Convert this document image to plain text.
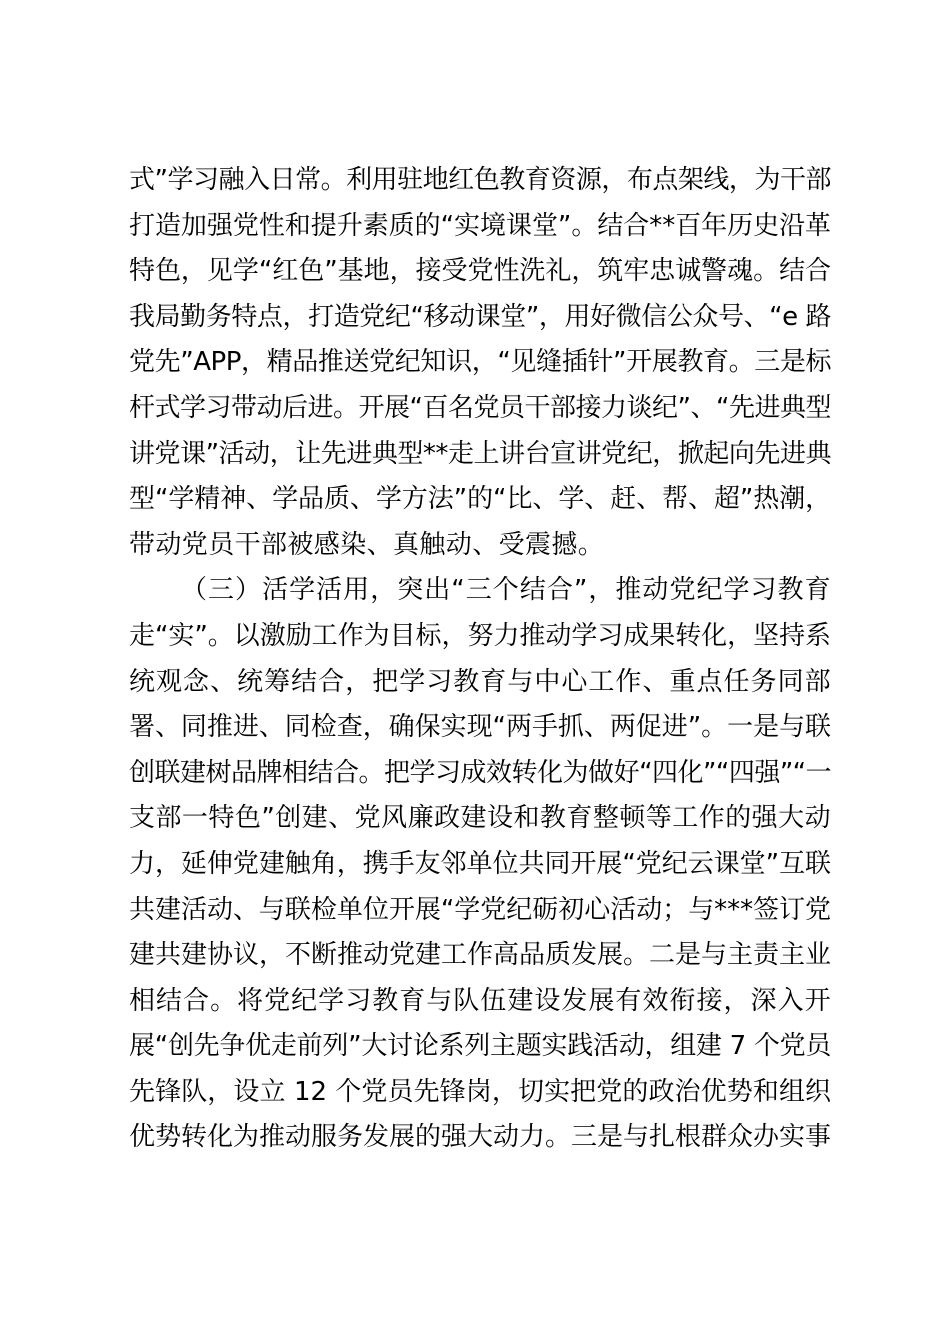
式”学习融入日常。利用驻地红色教育资源，布点架线，为干部
打造加强党性和提升素质的“实境课堂”。结合**百年历史沿革
特色，见学“红色”基地，接受党性洗礼，筑牢忠诚警魂。结合
我局勤务特点，打造党纪“移动课堂”，用好微信公众号、“e 路
党先”APP，精品推送党纪知识，“见缝插针”开展教育。三是标
杆式学习带动后进。开展“百名党员干部接力谈纪”、“先进典型
讲党课”活动，让先进典型**走上讲台宣讲党纪，掀起向先进典
型“学精神、学品质、学方法”的“比、学、赶、帮、超”热潮，
带动党员干部被感染、真触动、受震撼。
（三）活学活用，突出“三个结合”，推动党纪学习教育
走“实”。以激励工作为目标，努力推动学习成果转化，坚持系
统观念、统筹结合，把学习教育与中心工作、重点任务同部
署、同推进、同检查，确保实现“两手抓、两促进”。一是与联
创联建树品牌相结合。把学习成效转化为做好“四化”“四强”“一
支部一特色”创建、党风廉政建设和教育整顿等工作的强大动
力，延伸党建触角，携手友邻单位共同开展“党纪云课堂”互联
共建活动、与联检单位开展“学党纪砺初心活动；与***签订党
建共建协议，不断推动党建工作高品质发展。二是与主责主业
相结合。将党纪学习教育与队伍建设发展有效衔接，深入开
展“创先争优走前列”大讨论系列主题实践活动，组建 7 个党员
先锋队，设立 12 个党员先锋岗，切实把党的政治优势和组织
优势转化为推动服务发展的强大动力。三是与扎根群众办实事
